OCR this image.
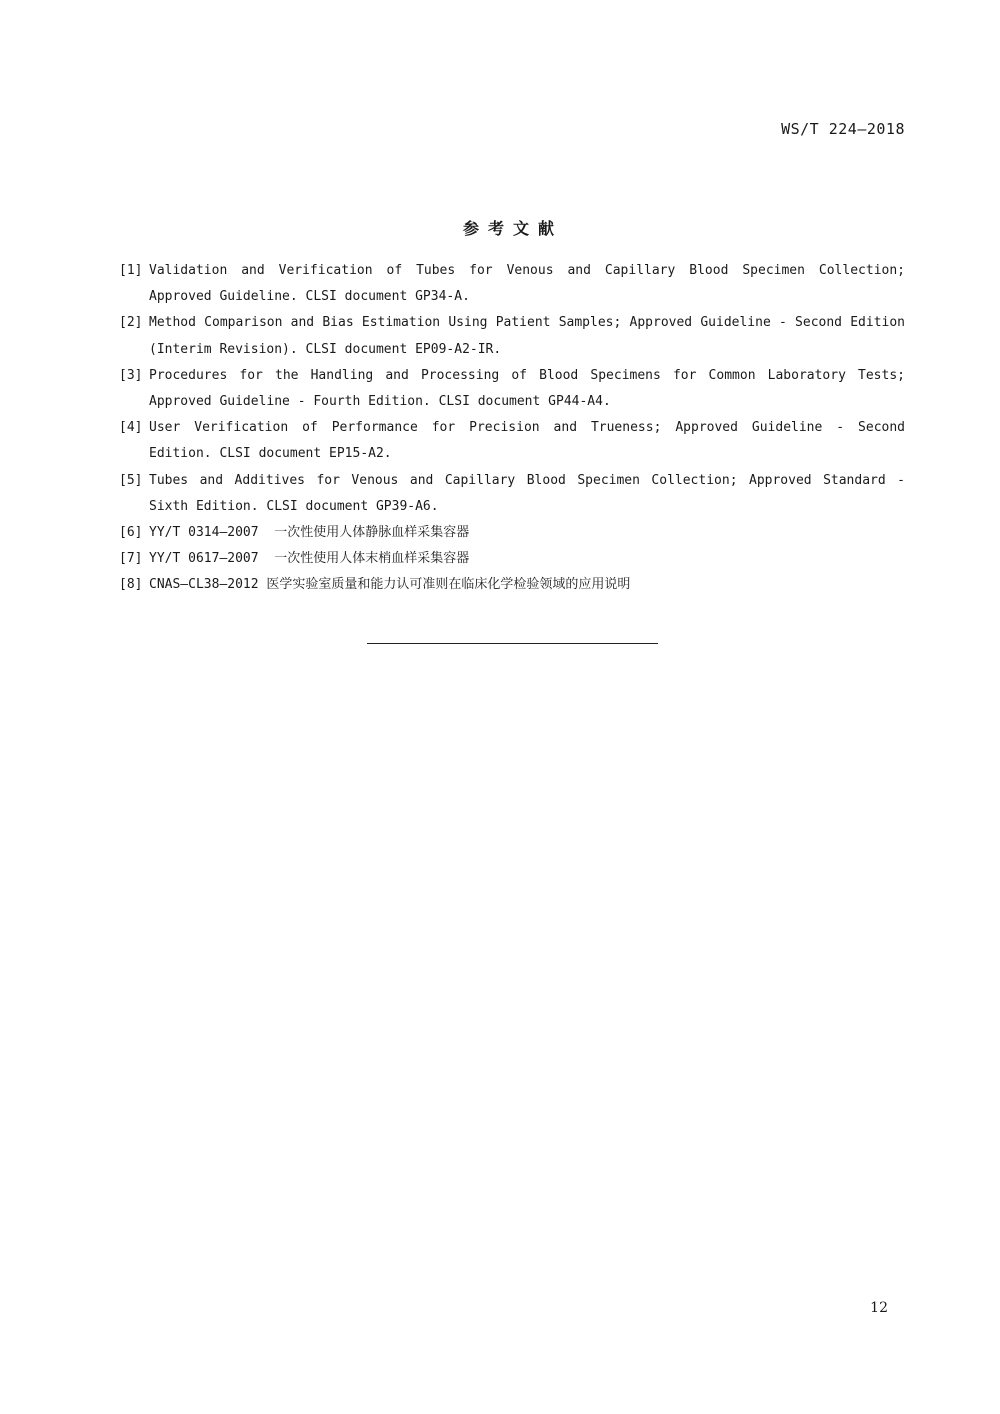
WS/T 224—2018
参考文献
[1] Validation and Verification of Tubes for Venous and Capillary Blood Specimen Collection; Approved Guideline. CLSI document GP34-A.
[2] Method Comparison and Bias Estimation Using Patient Samples; Approved Guideline - Second Edition (Interim Revision). CLSI document EP09-A2-IR.
[3] Procedures for the Handling and Processing of Blood Specimens for Common Laboratory Tests; Approved Guideline - Fourth Edition. CLSI document GP44-A4.
[4] User Verification of Performance for Precision and Trueness; Approved Guideline - Second Edition. CLSI document EP15-A2.
[5] Tubes and Additives for Venous and Capillary Blood Specimen Collection; Approved Standard - Sixth Edition. CLSI document GP39-A6.
[6] YY/T 0314—2007  一次性使用人体静脉血样采集容器
[7] YY/T 0617—2007  一次性使用人体末梢血样采集容器
[8] CNAS—CL38—2012 医学实验室质量和能力认可准则在临床化学检验领域的应用说明
12
